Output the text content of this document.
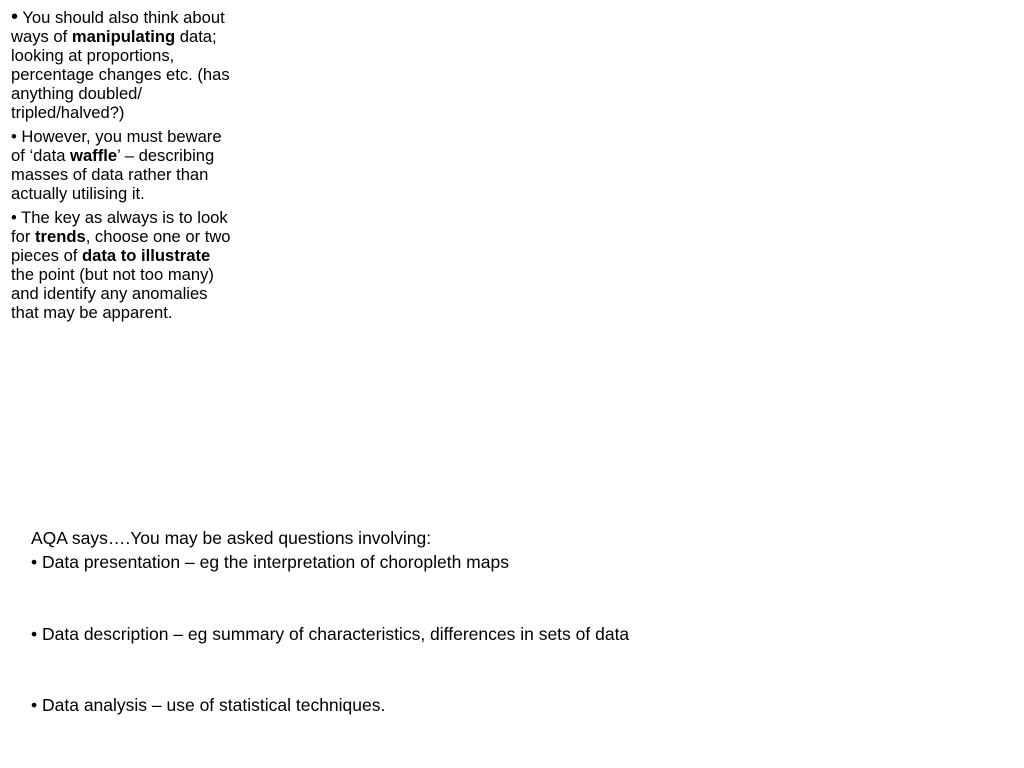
• You should also think about ways of manipulating data; looking at proportions, percentage changes etc. (has anything doubled/ tripled/halved?)

• However, you must beware of ‘data waffle’ – describing masses of data rather than actually utilising it.

• The key as always is to look for trends, choose one or two pieces of data to illustrate the point (but not too many) and identify any anomalies that may be apparent.

AQA says….You may be asked questions involving:

• Data presentation – eg the interpretation of choropleth maps

• Data description – eg summary of characteristics, differences in sets of data

• Data analysis – use of statistical techniques.
